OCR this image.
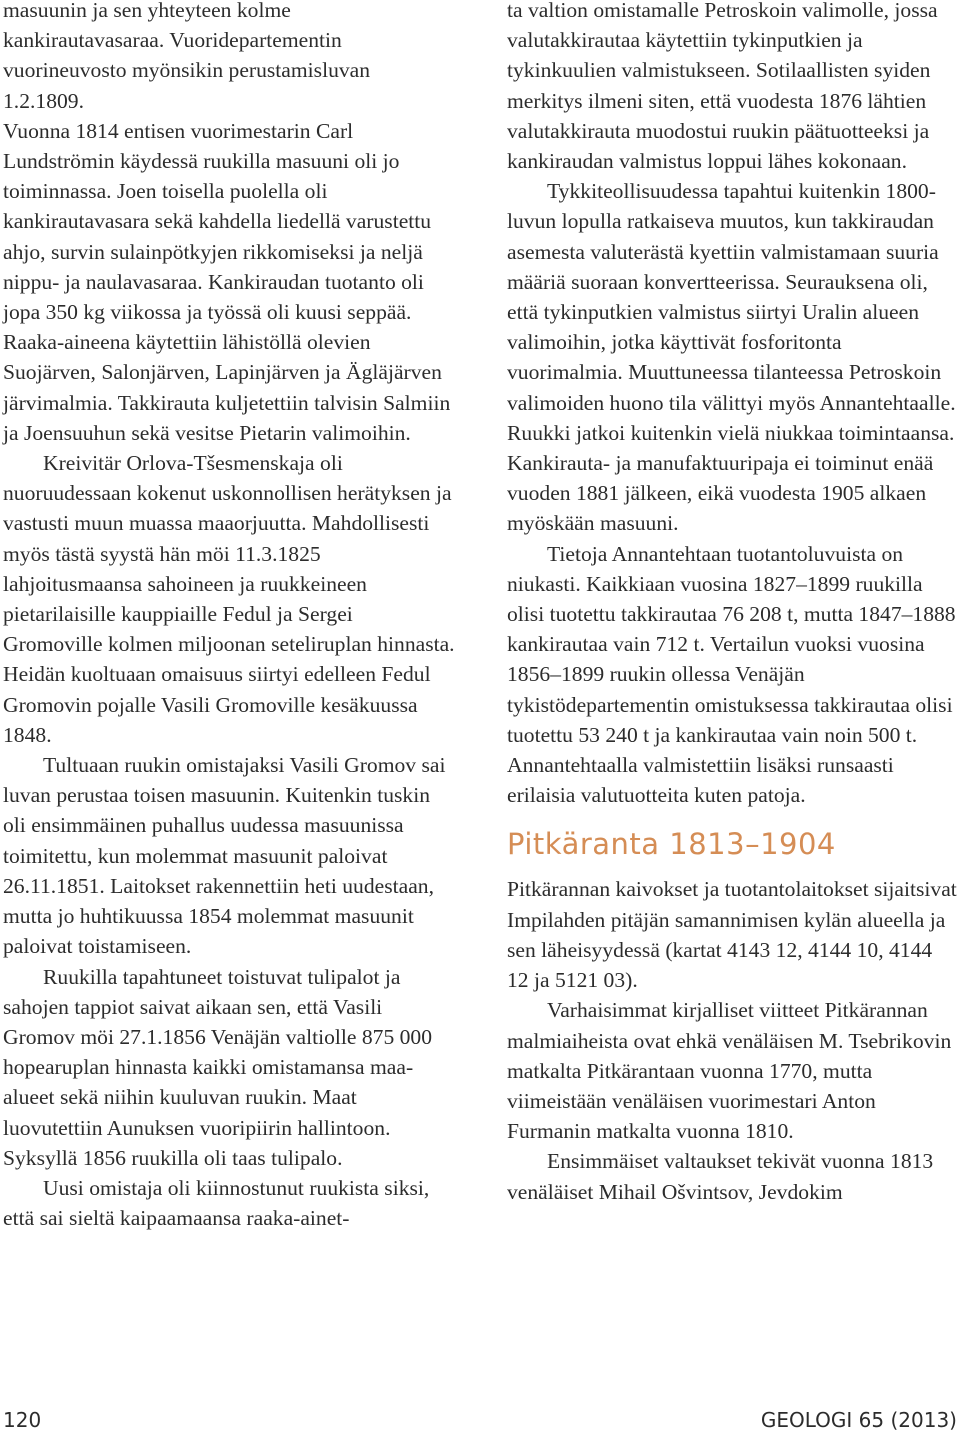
masuunin ja sen yhteyteen kolme kankirautavasaraa. Vuoridepartementin vuorineuvosto myönsikin perustamisluvan 1.2.1809.

Vuonna 1814 entisen vuorimestarin Carl Lundströmin käydessä ruukilla masuuni oli jo toiminnassa. Joen toisella puolella oli kankirautavasara sekä kahdella liedellä varustettu ahjo, survin sulainpötkyjen rikkomiseksi ja neljä nippu- ja naulavasaraa. Kankiraudan tuotanto oli jopa 350 kg viikossa ja työssä oli kuusi seppää. Raaka-aineena käytettiin lähistöllä olevien Suojärven, Salonjärven, Lapinjärven ja Ägläjärven järvimalmia. Takkirauta kuljetettiin talvisin Salmiin ja Joensuuhun sekä vesitse Pietarin valimoihin.

Kreivitär Orlova-Tšesmenskaja oli nuoruudessaan kokenut uskonnollisen herätyksen ja vastusti muun muassa maaorjuutta. Mahdollisesti myös tästä syystä hän möi 11.3.1825 lahjoitusmaansa sahoineen ja ruukkeineen pietarilaisille kauppiaille Fedul ja Sergei Gromoville kolmen miljoonan seteliruplan hinnasta. Heidän kuoltuaan omaisuus siirtyi edelleen Fedul Gromovin pojalle Vasili Gromoville kesäkuussa 1848.

Tultuaan ruukin omistajaksi Vasili Gromov sai luvan perustaa toisen masuunin. Kuitenkin tuskin oli ensimmäinen puhallus uudessa masuunissa toimitettu, kun molemmat masuunit paloivat 26.11.1851. Laitokset rakennettiin heti uudestaan, mutta jo huhtikuussa 1854 molemmat masuunit paloivat toistamiseen.

Ruukilla tapahtuneet toistuvat tulipalot ja sahojen tappiot saivat aikaan sen, että Vasili Gromov möi 27.1.1856 Venäjän valtiolle 875 000 hopearuplan hinnasta kaikki omistamansa maa-alueet sekä niihin kuuluvan ruukin. Maat luovutettiin Aunuksen vuoripiirin hallintoon. Syksyllä 1856 ruukilla oli taas tulipalo.

Uusi omistaja oli kiinnostunut ruukista siksi, että sai sieltä kaipaamaansa raaka-ainet-

ta valtion omistamalle Petroskoin valimolle, jossa valutakkirautaa käytettiin tykinputkien ja tykinkuulien valmistukseen. Sotilaallisten syiden merkitys ilmeni siten, että vuodesta 1876 lähtien valutakkirauta muodostui ruukin päätuotteeksi ja kankiraudan valmistus loppui lähes kokonaan.

Tykkiteollisuudessa tapahtui kuitenkin 1800-luvun lopulla ratkaiseva muutos, kun takkiraudan asemesta valuterästä kyettiin valmistamaan suuria määriä suoraan konvertteerissa. Seurauksena oli, että tykinputkien valmistus siirtyi Uralin alueen valimoihin, jotka käyttivät fosforitonta vuorimalmia. Muuttuneessa tilanteessa Petroskoin valimoiden huono tila välittyi myös Annantehtaalle. Ruukki jatkoi kuitenkin vielä niukkaa toimintaansa. Kankirauta- ja manufaktuuripaja ei toiminut enää vuoden 1881 jälkeen, eikä vuodesta 1905 alkaen myöskään masuuni.

Tietoja Annantehtaan tuotantoluvuista on niukasti. Kaikkiaan vuosina 1827–1899 ruukilla olisi tuotettu takkirautaa 76 208 t, mutta 1847–1888 kankirautaa vain 712 t. Vertailun vuoksi vuosina 1856–1899 ruukin ollessa Venäjän tykistödepartementin omistuksessa takkirautaa olisi tuotettu 53 240 t ja kankirautaa vain noin 500 t. Annantehtaalla valmistettiin lisäksi runsaasti erilaisia valutuotteita kuten patoja.

Pitkäranta 1813–1904

Pitkärannan kaivokset ja tuotantolaitokset sijaitsivat Impilahden pitäjän samannimisen kylän alueella ja sen läheisyydessä (kartat 4143 12, 4144 10, 4144 12 ja 5121 03).

Varhaisimmat kirjalliset viitteet Pitkärannan malmiaiheista ovat ehkä venäläisen M. Tsebrikovin matkalta Pitkärantaan vuonna 1770, mutta viimeistään venäläisen vuorimestari Anton Furmanin matkalta vuonna 1810.

Ensimmäiset valtaukset tekivät vuonna 1813 venäläiset Mihail Ošvintsov, Jevdokim

120	GEOLOGI 65 (2013)
